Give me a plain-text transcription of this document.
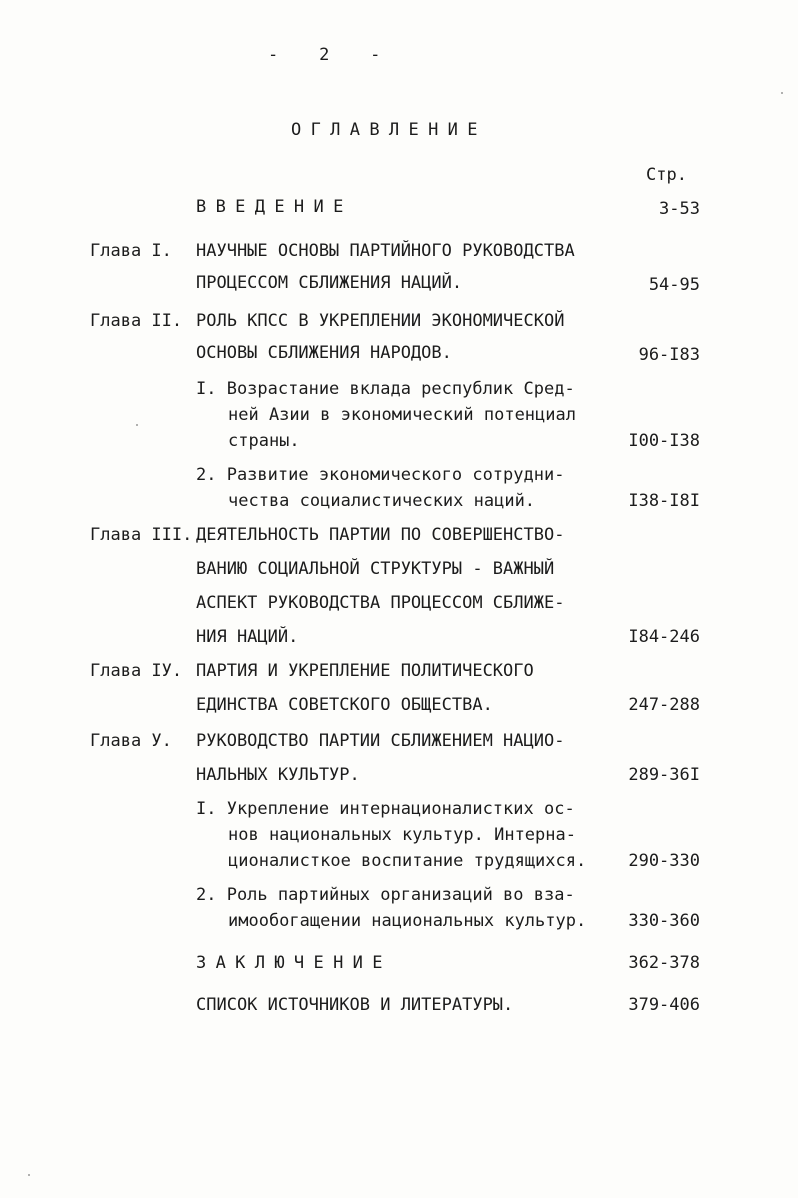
- 2 -
ОГЛАВЛЕНИЕ
Стр.
ВВЕДЕНИЕ	3-53
Глава I. НАУЧНЫЕ ОСНОВЫ ПАРТИЙНОГО РУКОВОДСТВА
ПРОЦЕССОМ СБЛИЖЕНИЯ НАЦИЙ.	54-95
Глава II. РОЛЬ КПСС В УКРЕПЛЕНИИ ЭКОНОМИЧЕСКОЙ
ОСНОВЫ СБЛИЖЕНИЯ НАРОДОВ.	96-I83
I. Возрастание вклада республик Сред-
ней Азии в экономический потенциал
страны.	I00-I38
2. Развитие экономического сотрудни-
чества социалистических наций.	I38-I8I
Глава III. ДЕЯТЕЛЬНОСТЬ ПАРТИИ ПО СОВЕРШЕНСТВО-
ВАНИЮ СОЦИАЛЬНОЙ СТРУКТУРЫ - ВАЖНЫЙ
АСПЕКТ РУКОВОДСТВА ПРОЦЕССОМ СБЛИЖЕ-
НИЯ НАЦИЙ.	I84-246
Глава IУ. ПАРТИЯ И УКРЕПЛЕНИЕ ПОЛИТИЧЕСКОГО
ЕДИНСТВА СОВЕТСКОГО ОБЩЕСТВА.	247-288
Глава У. РУКОВОДСТВО ПАРТИИ СБЛИЖЕНИЕМ НАЦИО-
НАЛЬНЫХ КУЛЬТУР.	289-36I
I. Укрепление интернационалистких ос-
нов национальных культур. Интерна-
ционалисткое воспитание трудящихся.	290-330
2. Роль партийных организаций во вза-
имообогащении национальных культур.	330-360
ЗАКЛЮЧЕНИЕ	362-378
СПИСОК ИСТОЧНИКОВ И ЛИТЕРАТУРЫ.	379-406
